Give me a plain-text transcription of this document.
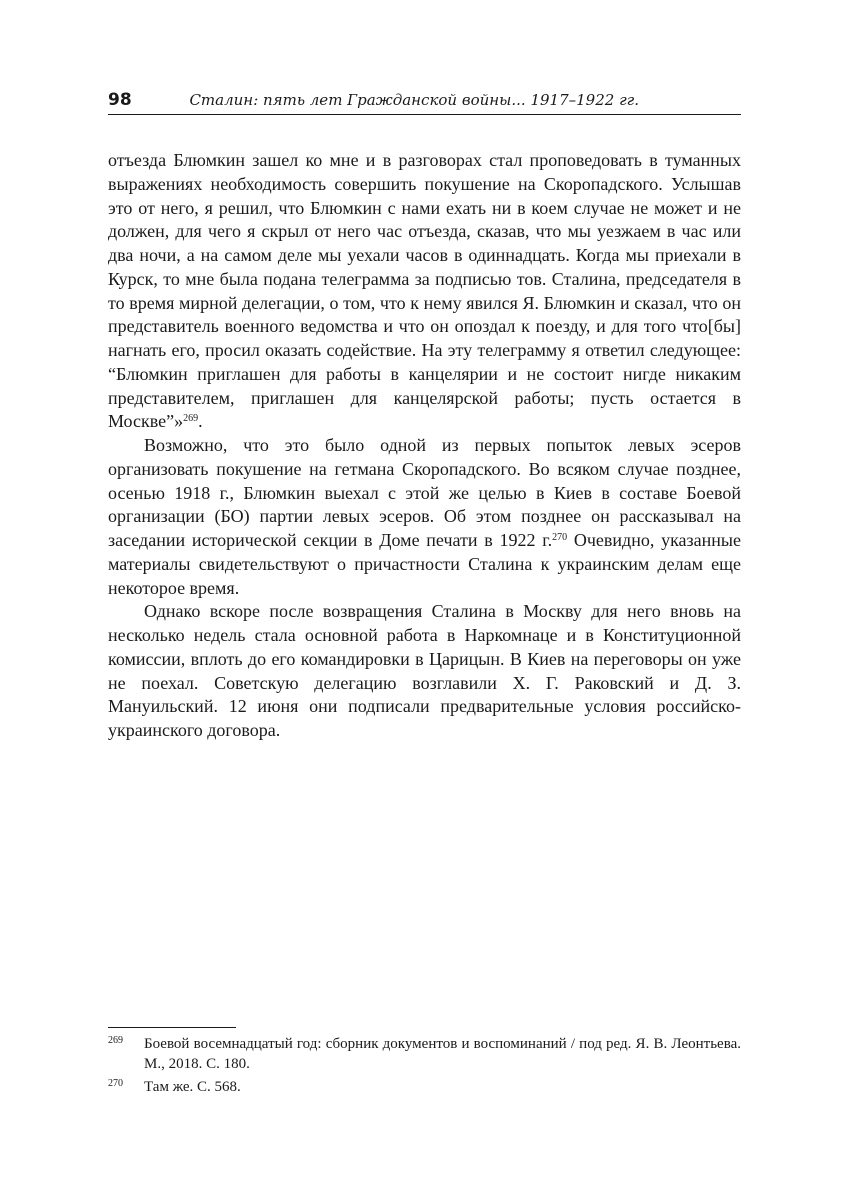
98	Сталин: пять лет Гражданской войны... 1917–1922 гг.

отъезда Блюмкин зашел ко мне и в разговорах стал проповедовать в туманных выражениях необходимость совершить покушение на Скоропадского. Услышав это от него, я решил, что Блюмкин с нами ехать ни в коем случае не может и не должен, для чего я скрыл от него час отъезда, сказав, что мы уезжаем в час или два ночи, а на самом деле мы уехали часов в одиннадцать. Когда мы приехали в Курск, то мне была подана телеграмма за подписью тов. Сталина, председателя в то время мирной делегации, о том, что к нему явился Я. Блюмкин и сказал, что он представитель военного ведомства и что он опоздал к поезду, и для того что[бы] нагнать его, просил оказать содействие. На эту телеграмму я ответил следующее: “Блюмкин приглашен для работы в канцелярии и не состоит нигде никаким представителем, приглашен для канцелярской работы; пусть остается в Москве”»$^{269}$.

Возможно, что это было одной из первых попыток левых эсеров организовать покушение на гетмана Скоропадского. Во всяком случае позднее, осенью 1918 г., Блюмкин выехал с этой же целью в Киев в составе Боевой организации (БО) партии левых эсеров. Об этом позднее он рассказывал на заседании исторической секции в Доме печати в 1922 г.$^{270}$ Очевидно, указанные материалы свидетельствуют о причастности Сталина к украинским делам еще некоторое время.

Однако вскоре после возвращения Сталина в Москву для него вновь на несколько недель стала основной работа в Наркомнаце и в Конституционной комиссии, вплоть до его командировки в Царицын. В Киев на переговоры он уже не поехал. Советскую делегацию возглавили Х. Г. Раковский и Д. З. Мануильский. 12 июня они подписали предварительные условия российско-украинского договора.

269 Боевой восемнадцатый год: сборник документов и воспоминаний / под ред. Я. В. Леонтьева. М., 2018. С. 180.
270 Там же. С. 568.
